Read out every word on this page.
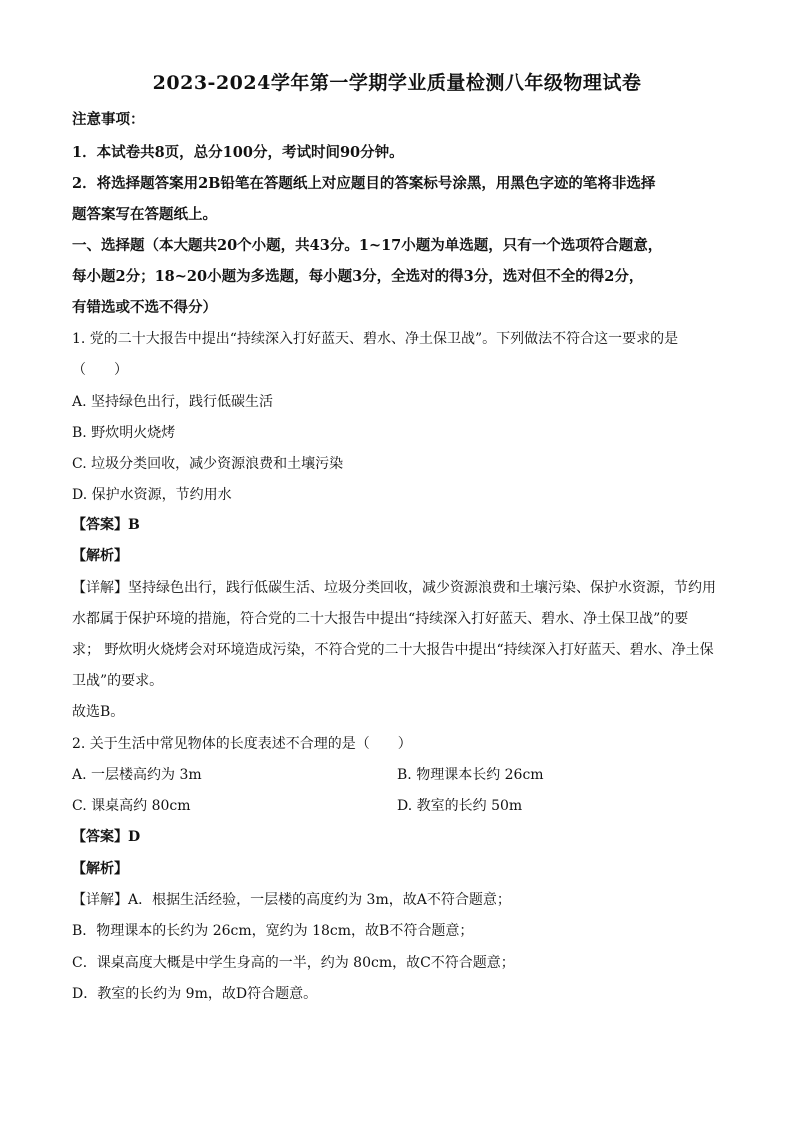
2023-2024学年第一学期学业质量检测八年级物理试卷
注意事项：
1．本试卷共8页，总分100分，考试时间90分钟。
2．将选择题答案用2B铅笔在答题纸上对应题目的答案标号涂黑，用黑色字迹的笔将非选择
题答案写在答题纸上。
一、选择题（本大题共20个小题，共43分。1~17小题为单选题，只有一个选项符合题意，
每小题2分；18~20小题为多选题，每小题3分，全选对的得3分，选对但不全的得2分，
有错选或不选不得分）
1. 党的二十大报告中提出“持续深入打好蓝天、碧水、净土保卫战”。下列做法不符合这一要求的是
（　　）
A. 坚持绿色出行，践行低碳生活
B. 野炊明火烧烤
C. 垃圾分类回收，减少资源浪费和土壤污染
D. 保护水资源，节约用水
【答案】B
【解析】
【详解】坚持绿色出行，践行低碳生活、垃圾分类回收，减少资源浪费和土壤污染、保护水资源，节约用
水都属于保护环境的措施，符合党的二十大报告中提出“持续深入打好蓝天、碧水、净土保卫战”的要
求； 野炊明火烧烤会对环境造成污染，不符合党的二十大报告中提出“持续深入打好蓝天、碧水、净土保
卫战”的要求。
故选B。
2. 关于生活中常见物体的长度表述不合理的是（　　）
A. 一层楼高约为 3m	B. 物理课本长约 26cm
C. 课桌高约 80cm	D. 教室的长约 50m
【答案】D
【解析】
【详解】A．根据生活经验，一层楼的高度约为 3m，故A不符合题意；
B．物理课本的长约为 26cm，宽约为 18cm，故B不符合题意；
C．课桌高度大概是中学生身高的一半，约为 80cm，故C不符合题意；
D．教室的长约为 9m，故D符合题意。
